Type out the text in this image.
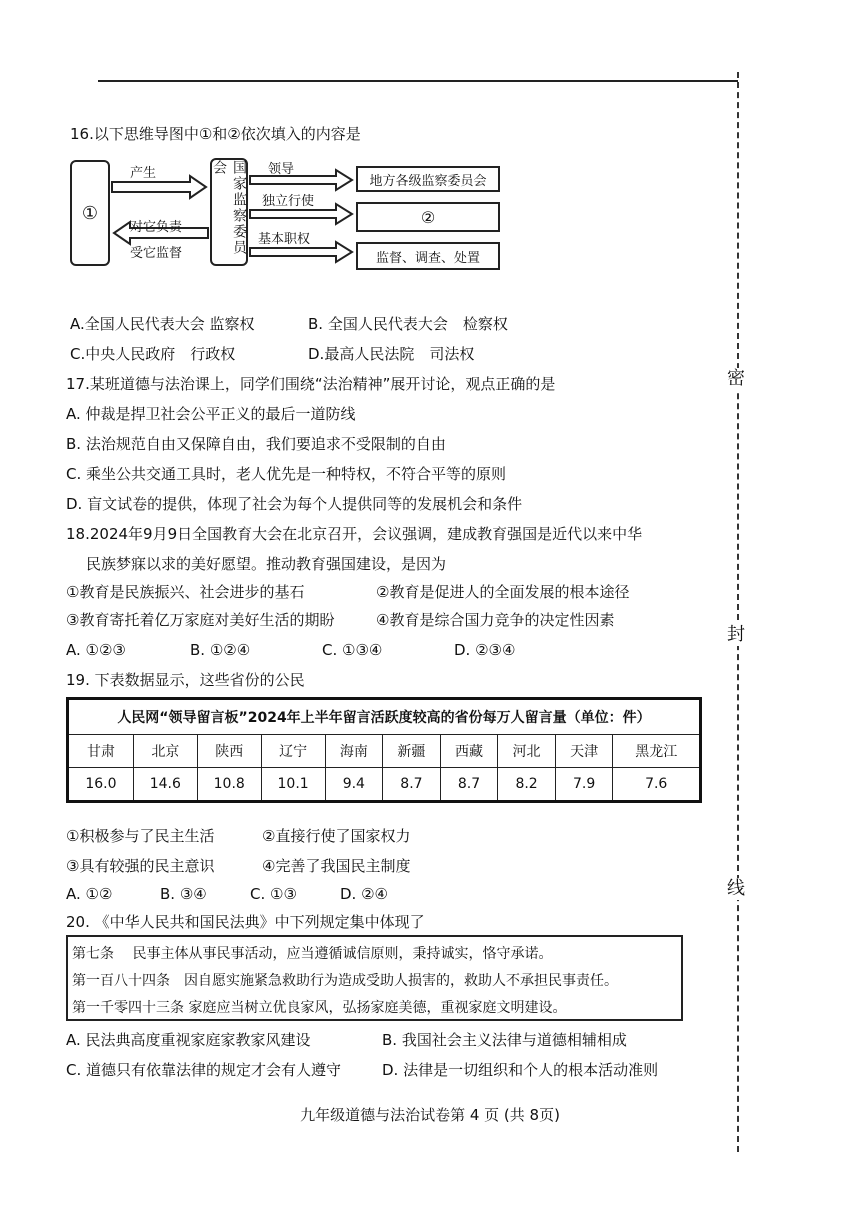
密
封
线
16.以下思维导图中①和②依次填入的内容是
①	国家监察委员会
产生
对它负责
受它监督
领导
独立行使
基本职权
地方各级监察委员会
②
监督、调查、处置
A.全国人民代表大会 监察权	B. 全国人民代表大会　检察权
C.中央人民政府　行政权	D.最高人民法院　司法权
17.某班道德与法治课上，同学们围绕“法治精神”展开讨论，观点正确的是
A. 仲裁是捍卫社会公平正义的最后一道防线
B. 法治规范自由又保障自由，我们要追求不受限制的自由
C. 乘坐公共交通工具时，老人优先是一种特权，不符合平等的原则
D. 盲文试卷的提供，体现了社会为每个人提供同等的发展机会和条件
18.2024年9月9日全国教育大会在北京召开，会议强调，建成教育强国是近代以来中华
民族梦寐以求的美好愿望。推动教育强国建设，是因为
①教育是民族振兴、社会进步的基石	②教育是促进人的全面发展的根本途径
③教育寄托着亿万家庭对美好生活的期盼	④教育是综合国力竞争的决定性因素
A. ①②③	B. ①②④	C. ①③④	D. ②③④
19. 下表数据显示，这些省份的公民
人民网“领导留言板”2024年上半年留言活跃度较高的省份每万人留言量（单位：件）									
甘肃	北京	陕西	辽宁	海南	新疆	西藏	河北	天津	黑龙江
16.0	14.6	10.8	10.1	9.4	8.7	8.7	8.2	7.9	7.6
①积极参与了民主生活	②直接行使了国家权力
③具有较强的民主意识	④完善了我国民主制度
A. ①②	B. ③④	C. ①③	D. ②④
20. 《中华人民共和国民法典》中下列规定集中体现了
第七条　 民事主体从事民事活动，应当遵循诚信原则，秉持诚实，恪守承诺。
第一百八十四条　因自愿实施紧急救助行为造成受助人损害的，救助人不承担民事责任。
第一千零四十三条 家庭应当树立优良家风，弘扬家庭美德，重视家庭文明建设。
A. 民法典高度重视家庭家教家风建设	B. 我国社会主义法律与道德相辅相成
C. 道德只有依靠法律的规定才会有人遵守	D. 法律是一切组织和个人的根本活动准则
九年级道德与法治试卷第 4 页 (共 8页)
